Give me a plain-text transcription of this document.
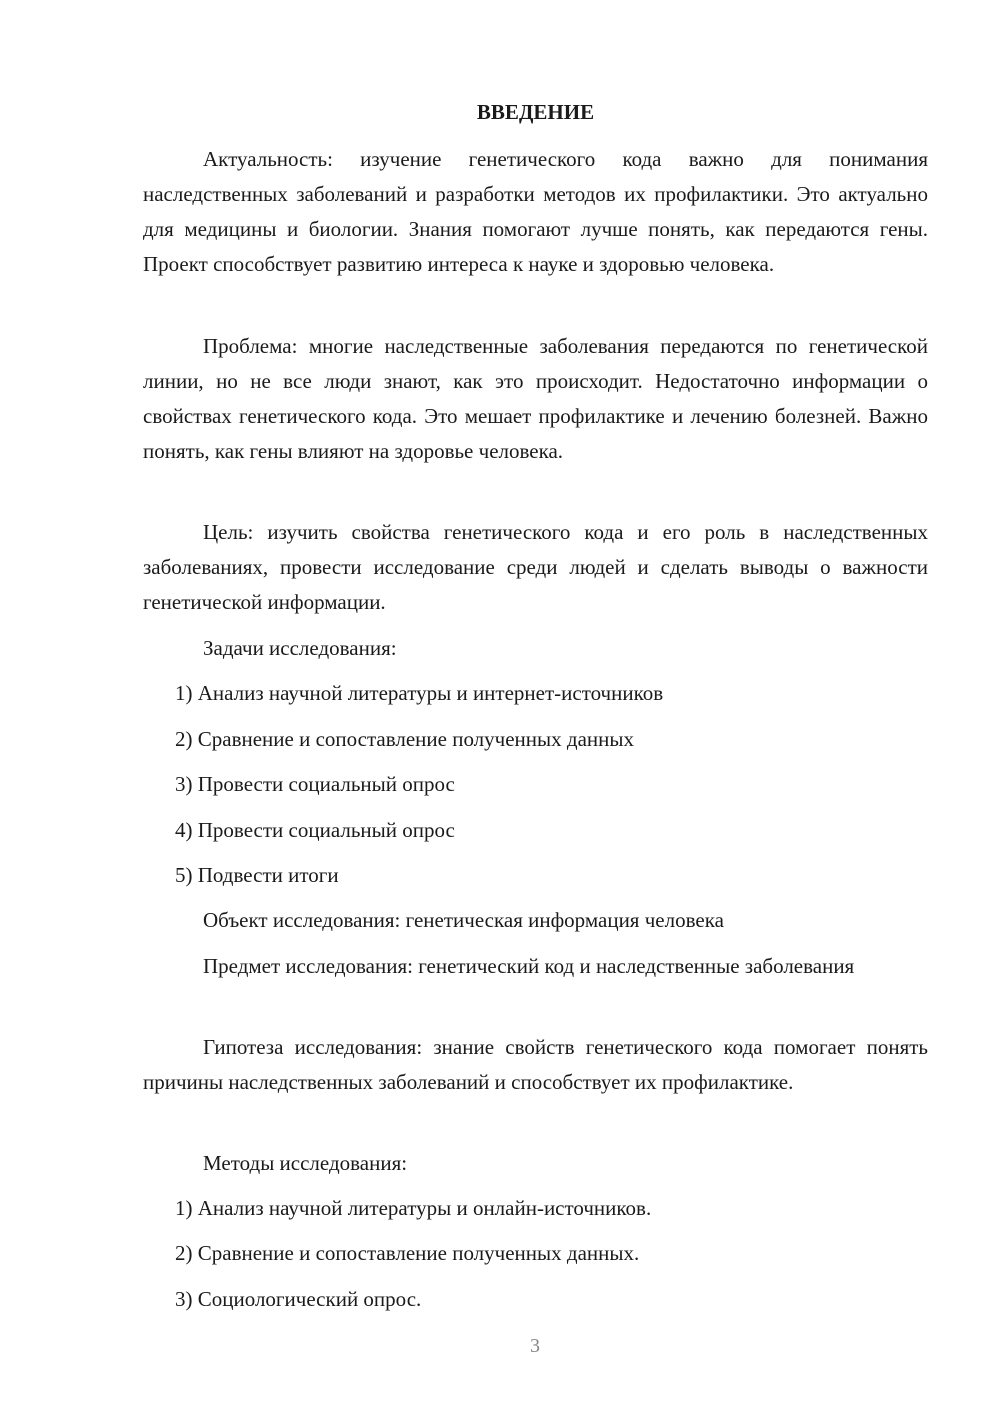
ВВЕДЕНИЕ

Актуальность: изучение генетического кода важно для понимания наследственных заболеваний и разработки методов их профилактики. Это актуально для медицины и биологии. Знания помогают лучше понять, как передаются гены. Проект способствует развитию интереса к науке и здоровью человека.

Проблема: многие наследственные заболевания передаются по генетической линии, но не все люди знают, как это происходит. Недостаточно информации о свойствах генетического кода. Это мешает профилактике и лечению болезней. Важно понять, как гены влияют на здоровье человека.

Цель: изучить свойства генетического кода и его роль в наследственных заболеваниях, провести исследование среди людей и сделать выводы о важности генетической информации.

Задачи исследования:

1) Анализ научной литературы и интернет-источников

2) Сравнение и сопоставление полученных данных

3) Провести социальный опрос

4) Провести социальный опрос

5) Подвести итоги

Объект исследования: генетическая информация человека

Предмет исследования: генетический код и наследственные заболевания

Гипотеза исследования: знание свойств генетического кода помогает понять причины наследственных заболеваний и способствует их профилактике.

Методы исследования:

1) Анализ научной литературы и онлайн-источников.

2) Сравнение и сопоставление полученных данных.

3) Социологический опрос.

3
